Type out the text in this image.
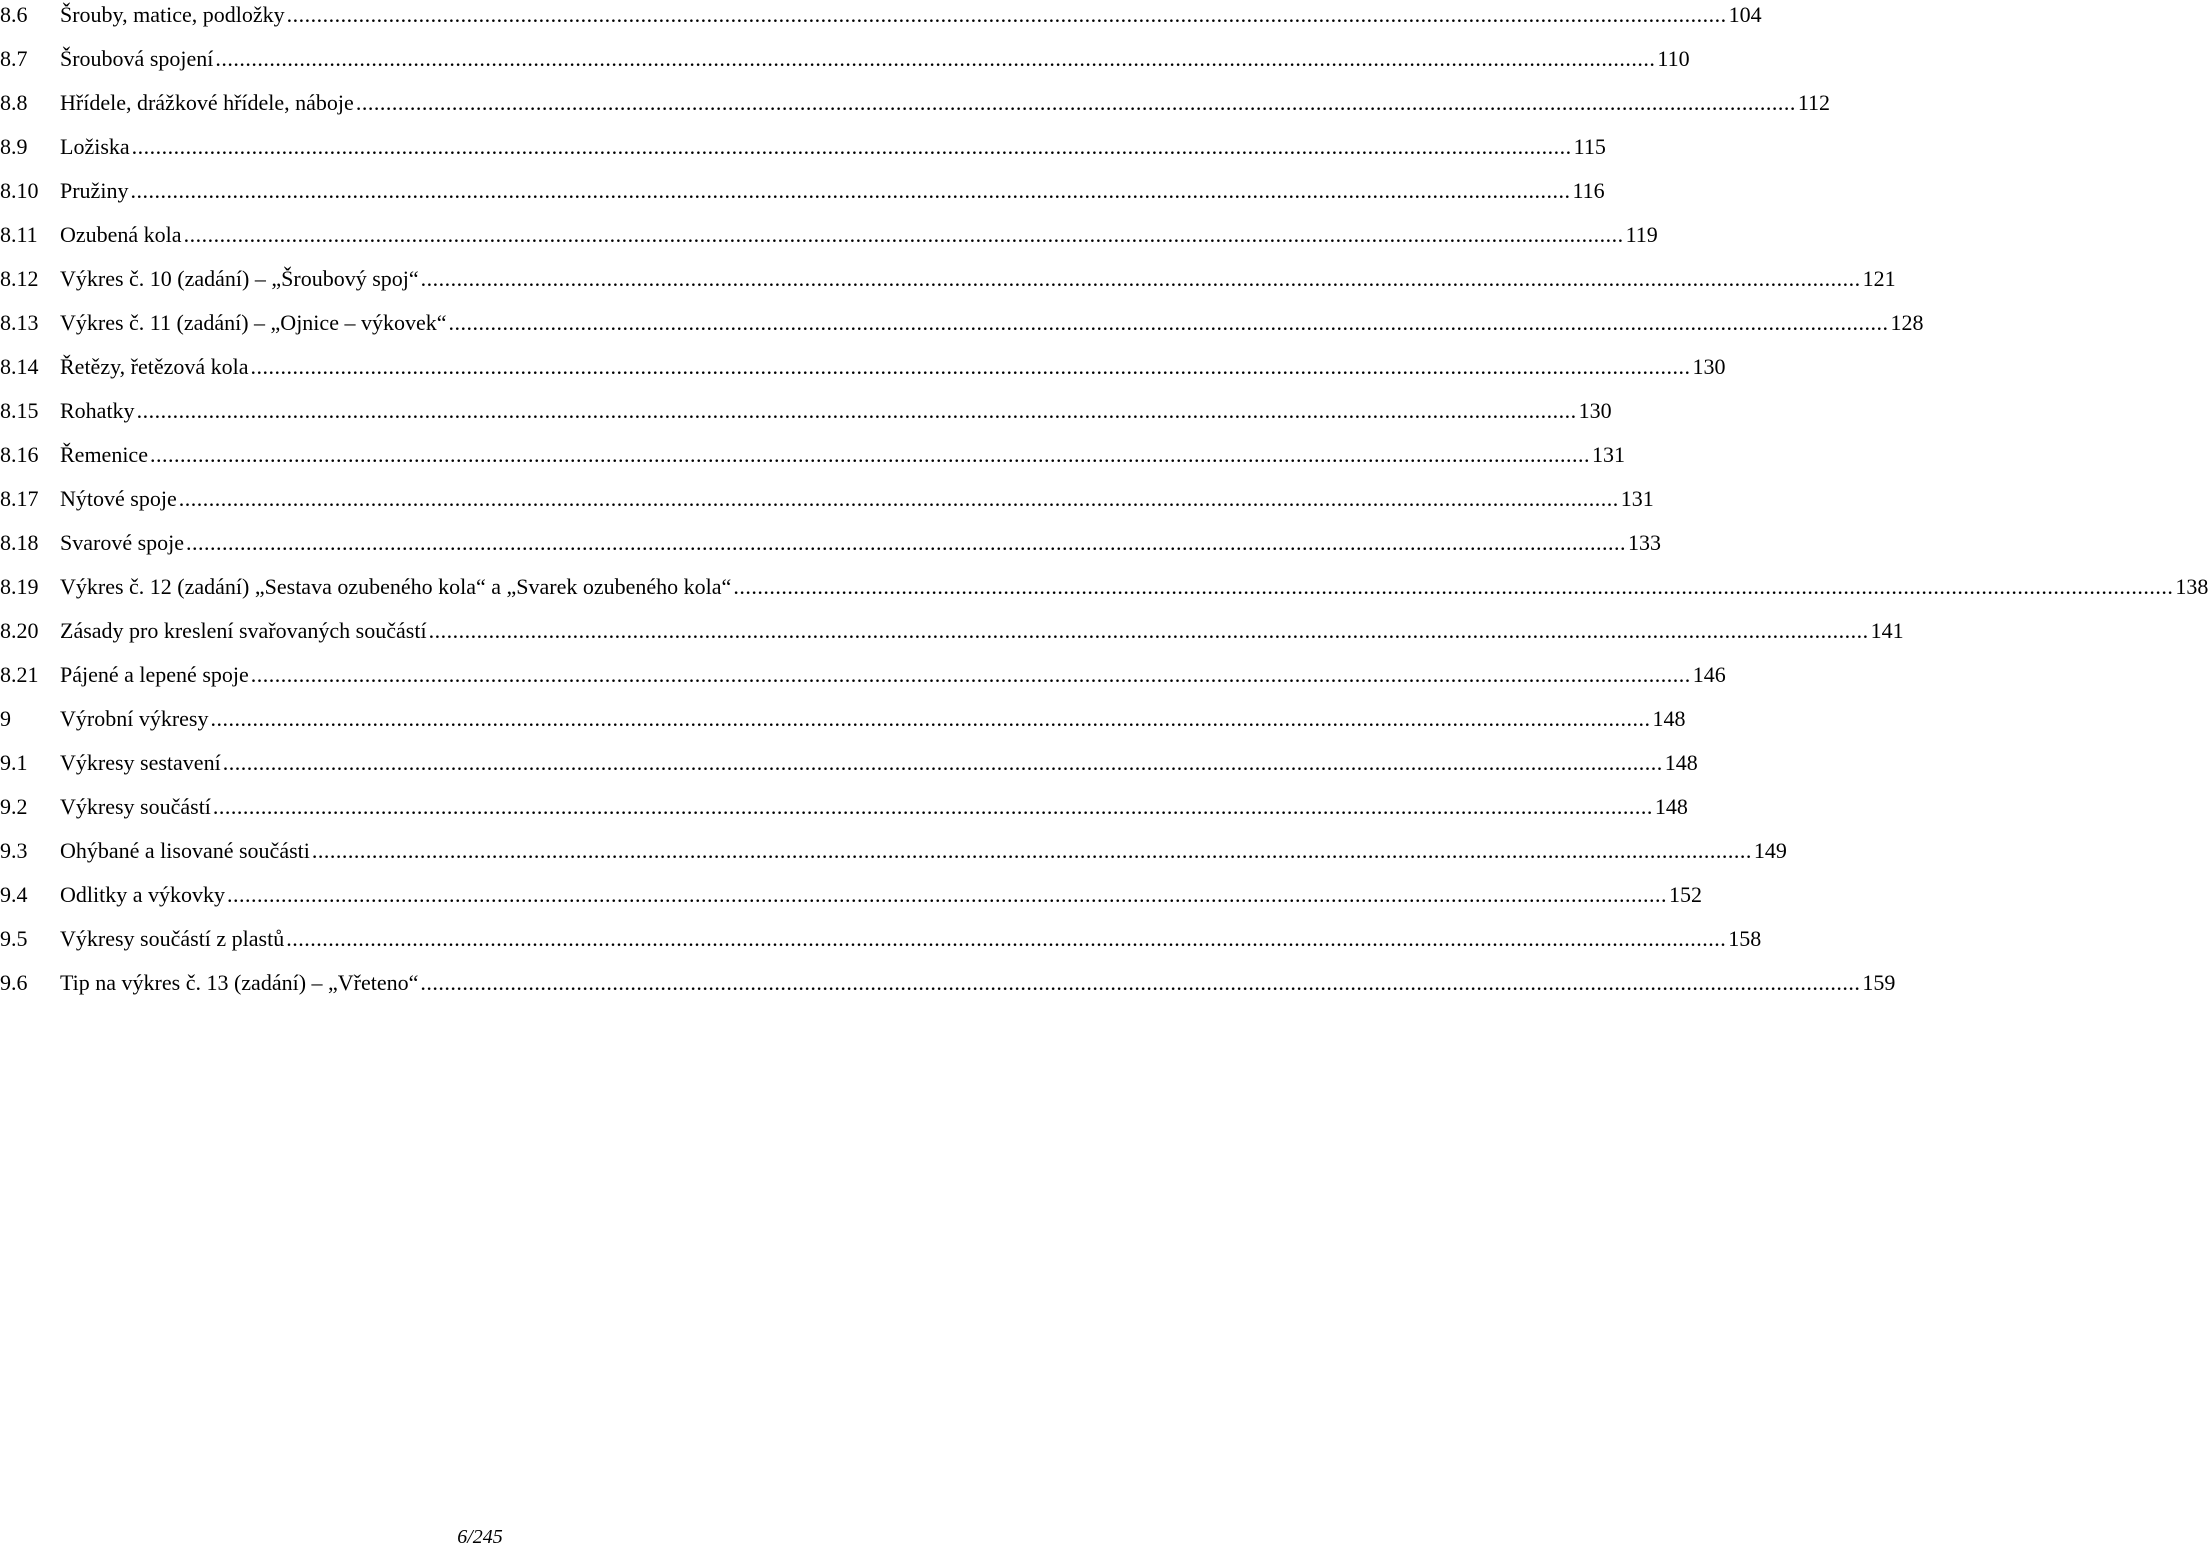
8.6	Šrouby, matice, podložky .....	104
8.7	Šroubová spojení .....	110
8.8	Hřídele, drážkové hřídele, náboje .....	112
8.9	Ložiska .....	115
8.10 Pružiny .....	116
8.11	Ozubená kola .....	119
8.12 Výkres č. 10 (zadání) – „Šroubový spoj“ .....	121
8.13 Výkres č. 11 (zadání) – „Ojnice – výkovek“ .....	128
8.14 Řetězy, řetězová kola .....	130
8.15 Rohatky .....	130
8.16 Řemenice .....	131
8.17 Nýtové spoje .....	131
8.18 Svarové spoje .....	133
8.19 Výkres č. 12 (zadání) „Sestava ozubeného kola“ a „Svarek ozubeného kola“ .....	138
8.20 Zásady pro kreslení svařovaných součástí .....	141
8.21 Pájené a lepené spoje .....	146
9	Výrobní výkresy .....	148
9.1	Výkresy sestavení .....	148
9.2	Výkresy součástí .....	148
9.3	Ohýbané a lisované součásti .....	149
9.4	Odlitky a výkovky .....	152
9.5	Výkresy součástí z plastů .....	158
9.6	Tip na výkres č. 13 (zadání) – „Vřeteno“ .....	159
6/245
